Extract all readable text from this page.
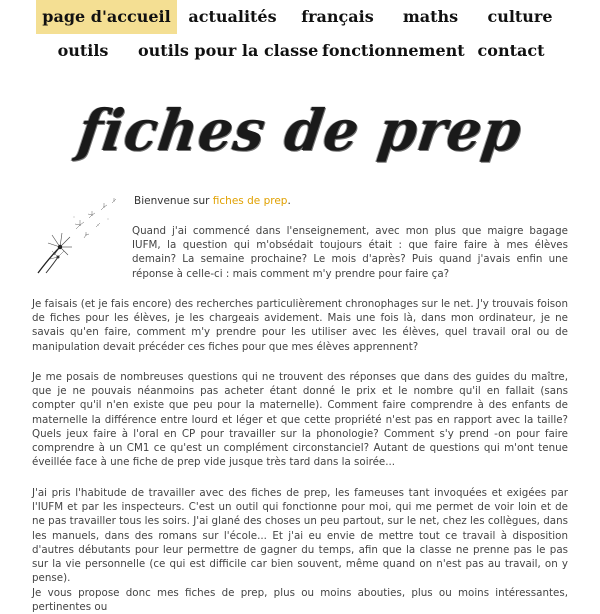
page d'accueil	actualités	français	maths	culture
outils	outils pour la classe fonctionnement contact
fiches de prep
Bienvenue sur fiches de prep.
Quand j'ai commencé dans l'enseignement, avec mon plus que maigre bagage IUFM, la question qui m'obsédait toujours était : que faire faire à mes élèves demain? La semaine prochaine? Le mois d'après? Puis quand j'avais enfin une réponse à celle-ci : mais comment m'y prendre pour faire ça?
Je faisais (et je fais encore) des recherches particulièrement chronophages sur le net. J'y trouvais foison de fiches pour les élèves, je les chargeais avidement. Mais une fois là, dans mon ordinateur, je ne savais qu'en faire, comment m'y prendre pour les utiliser avec les élèves, quel travail oral ou de manipulation devait précéder ces fiches pour que mes élèves apprennent?
Je me posais de nombreuses questions qui ne trouvent des réponses que dans des guides du maître, que je ne pouvais néanmoins pas acheter étant donné le prix et le nombre qu'il en fallait (sans compter qu'il n'en existe que peu pour la maternelle). Comment faire comprendre à des enfants de maternelle la différence entre lourd et léger et que cette propriété n'est pas en rapport avec la taille? Quels jeux faire à l'oral en CP pour travailler sur la phonologie? Comment s'y prend -on pour faire comprendre à un CM1 ce qu'est un complément circonstanciel? Autant de questions qui m'ont tenue éveillée face à une fiche de prep vide jusque très tard dans la soirée...
J'ai pris l'habitude de travailler avec des fiches de prep, les fameuses tant invoquées et exigées par l'IUFM et par les inspecteurs. C'est un outil qui fonctionne pour moi, qui me permet de voir loin et de ne pas travailler tous les soirs. J'ai glané des choses un peu partout, sur le net, chez les collègues, dans les manuels, dans des romans sur l'école... Et j'ai eu envie de mettre tout ce travail à disposition d'autres débutants pour leur permettre de gagner du temps, afin que la classe ne prenne pas le pas sur la vie personnelle (ce qui est difficile car bien souvent, même quand on n'est pas au travail, on y pense).
Je vous propose donc mes fiches de prep, plus ou moins abouties, plus ou moins intéressantes, pertinentes ou
